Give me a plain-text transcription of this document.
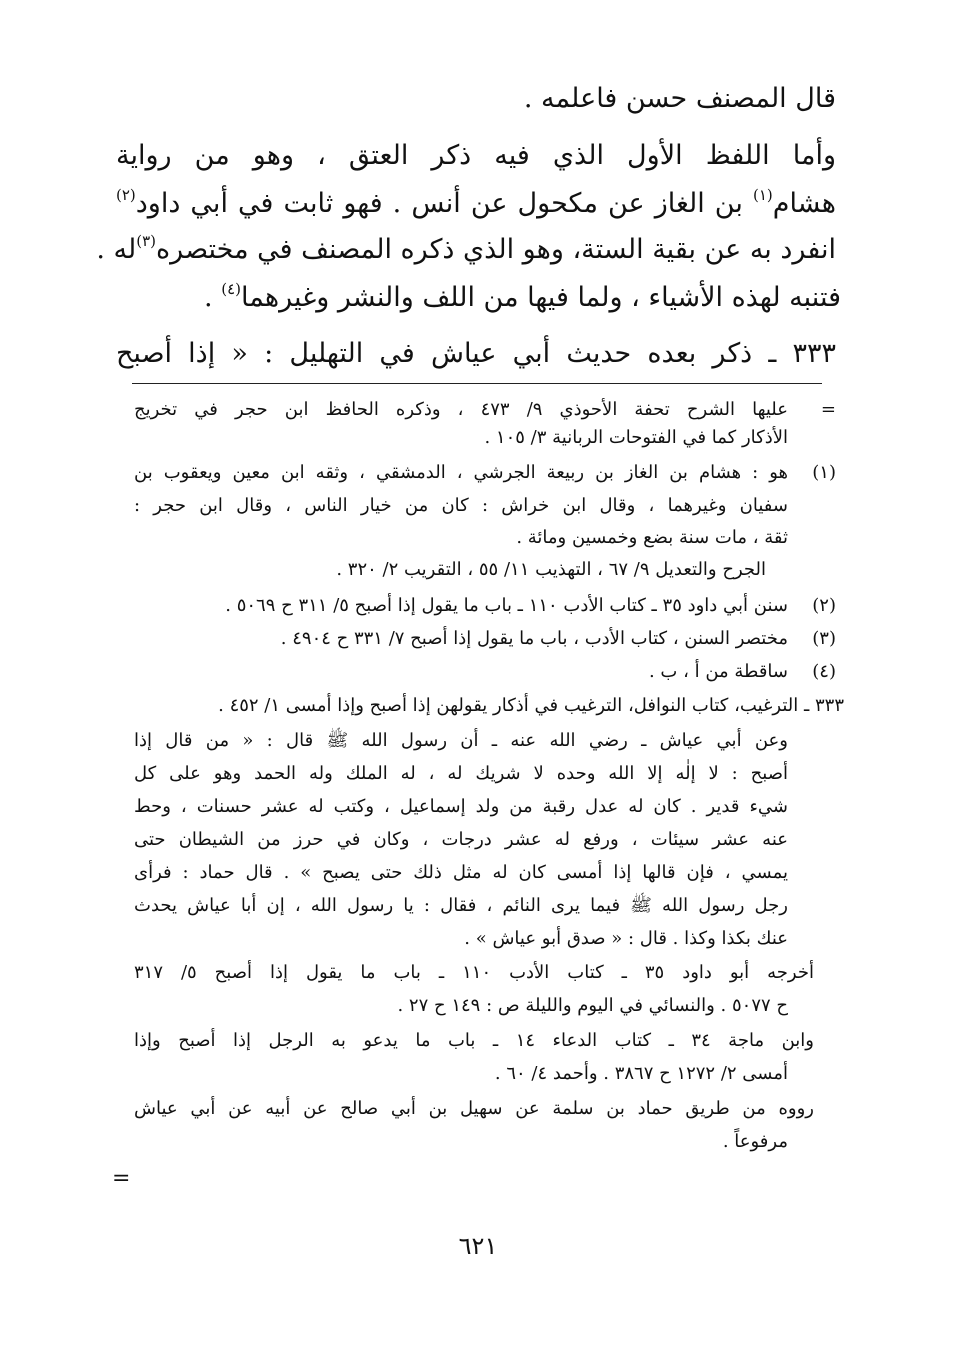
قال المصنف حسن فاعلمه .
وأما اللفظ الأول الذي فيه ذكر العتق ، وهو من رواية
هشام$^{(١)}$ بن الغاز عن مكحول عن أنس . فهو ثابت في أبي داود$^{(٢)}$
انفرد به عن بقية الستة، وهو الذي ذكره المصنف في مختصره$^{(٣)}$له .
فتنبه لهذه الأشياء ، ولما فيها من اللف والنشر وغيرهما$^{(٤)}$ .
٣٣٣ ـ ذكر بعده حديث أبي عياش في التهليل : « إذا أصبح
=
عليها الشرح تحفة الأحوذي ٩/ ٤٧٣ ، وذكره الحافظ ابن حجر في تخريج
الأذكار كما في الفتوحات الربانية ٣/ ١٠٥ .
(١)
هو : هشام بن الغاز بن ربيعة الجرشي ، الدمشقي ، وثقه ابن معين ويعقوب بن
سفيان وغيرهما ، وقال ابن خراش : كان من خيار الناس ، وقال ابن حجر :
ثقة ، مات سنة بضع وخمسين ومائة .
الجرح والتعديل ٩/ ٦٧ ، التهذيب ١١/ ٥٥ ، التقريب ٢/ ٣٢٠ .
(٢)
سنن أبي داود ٣٥ ـ كتاب الأدب ١١٠ ـ باب ما يقول إذا أصبح ٥/ ٣١١ ح ٥٠٦٩ .
(٣)
مختصر السنن ، كتاب الأدب ، باب ما يقول إذا أصبح ٧/ ٣٣١ ح ٤٩٠٤ .
(٤)
ساقطة من أ ، ب .
٣٣٣ ـ الترغيب، كتاب النوافل، الترغيب في أذكار يقولهن إذا أصبح وإذا أمسى ١/ ٤٥٢ .
وعن أبي عياش ـ رضي الله عنه ـ أن رسول الله ﷺ قال : « من قال إذا
أصبح : لا إلٰه إلا الله وحده لا شريك له ، له الملك وله الحمد وهو على كل
شيء قدير . كان له عدل رقبة من ولد إسماعيل ، وكتب له عشر حسنات ، وحط
عنه عشر سيئات ، ورفع له عشر درجات ، وكان في حرز من الشيطان حتى
يمسي ، فإن قالها إذا أمسى كان له مثل ذلك حتى يصبح » . قال حماد : فرأى
رجل رسول الله ﷺ فيما يرى النائم ، فقال : يا رسول الله ، إن أبا عياش يحدث
عنك بكذا وكذا . قال : « صدق أبو عياش » .
أخرجه أبو داود ٣٥ ـ كتاب الأدب ١١٠ ـ باب ما يقول إذا أصبح ٥/ ٣١٧
ح ٥٠٧٧ . والنسائي في اليوم والليلة ص : ١٤٩ ح ٢٧ .
وابن ماجة ٣٤ ـ كتاب الدعاء ١٤ ـ باب ما يدعو به الرجل إذا أصبح وإذا
أمسى ٢/ ١٢٧٢ ح ٣٨٦٧ . وأحمد ٤/ ٦٠ .
رووه من طريق حماد بن سلمة عن سهيل بن أبي صالح عن أبيه عن أبي عياش
مرفوعاً .
=
٦٢١
